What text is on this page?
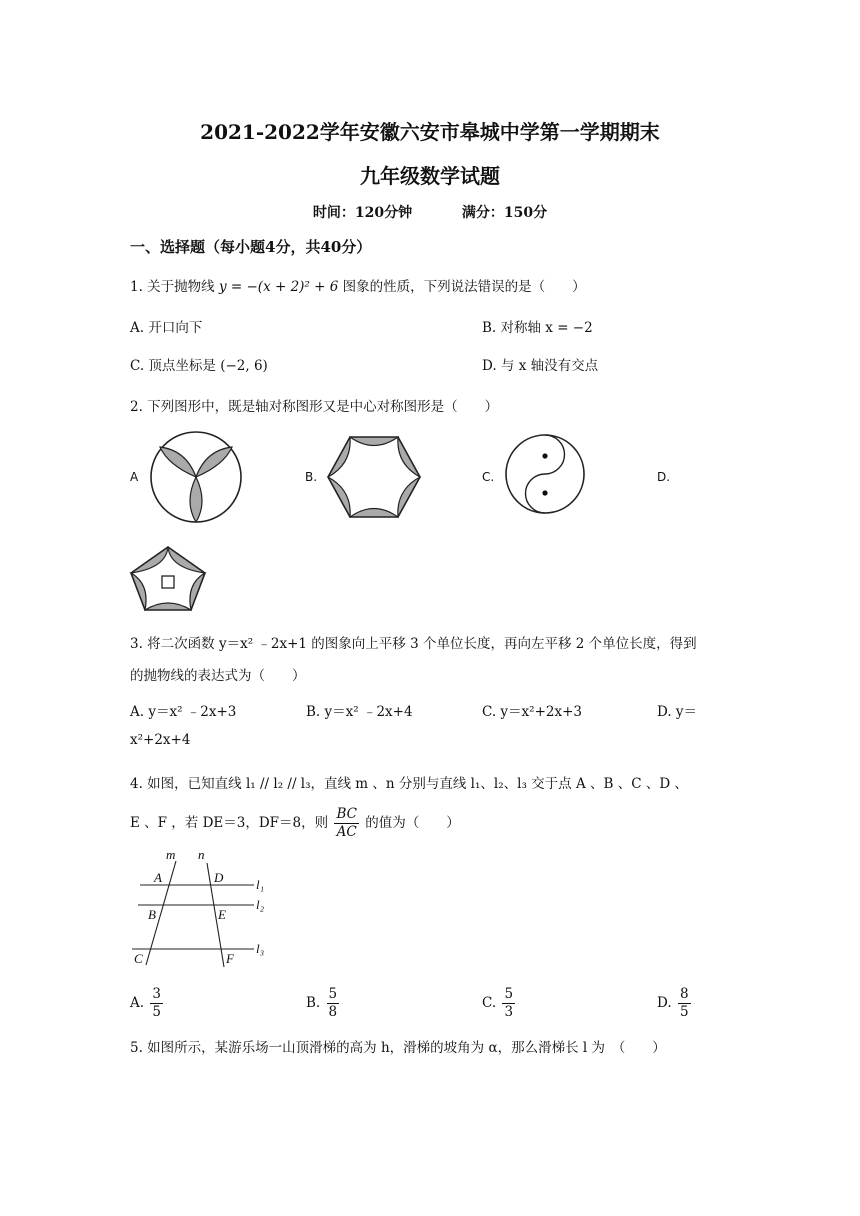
2021-2022学年安徽六安市皋城中学第一学期期末
九年级数学试题
时间：120分钟	满分：150分
一、选择题（每小题4分，共40分）
1. 关于抛物线 y = −(x + 2)² + 6 图象的性质，下列说法错误的是（　　）
A. 开口向下	B. 对称轴 x = −2
C. 顶点坐标是 (−2, 6)	D. 与 x 轴没有交点
2. 下列图形中，既是轴对称图形又是中心对称图形是（　　）
A	B.	C.	D.
3. 将二次函数 y＝x² ﹣2x+1 的图象向上平移 3 个单位长度，再向左平移 2 个单位长度，得到
的抛物线的表达式为（　　）
A. y＝x² ﹣2x+3	B. y＝x² ﹣2x+4	C. y＝x²+2x+3	D. y＝
x²+2x+4
4. 如图，已知直线 l₁ // l₂ // l₃，直线 m 、n 分别与直线 l₁、l₂、l₃ 交于点 A 、B 、C 、D 、
E 、F ，若 DE＝3，DF＝8，则 $\frac{BC}{AC}$ 的值为（　　）
m n
A	D
B	E
C	F
l₁
l₂
l₃
A. $\frac{3}{5}$	B. $\frac{5}{8}$	C. $\frac{5}{3}$	D. $\frac{8}{5}$
5. 如图所示，某游乐场一山顶滑梯的高为 h，滑梯的坡角为 α，那么滑梯长 l 为　（　　）
